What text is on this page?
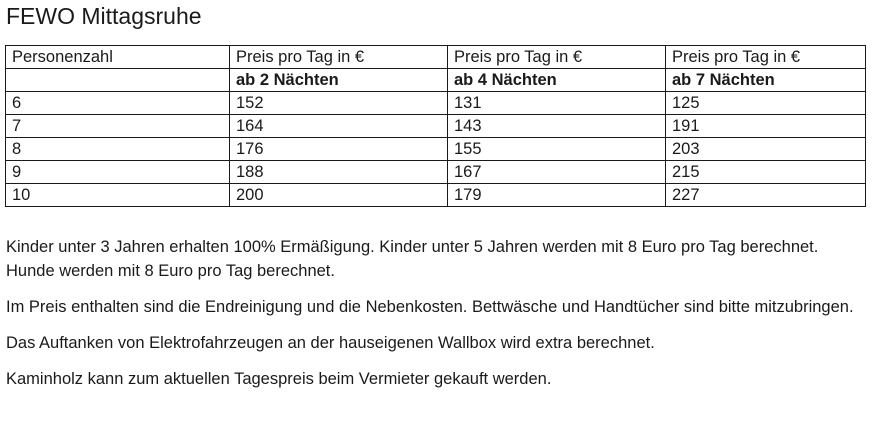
FEWO Mittagsruhe
Personenzahl	Preis pro Tag in €	Preis pro Tag in €	Preis pro Tag in €
	ab 2 Nächten	ab 4 Nächten	ab 7 Nächten
6	152	131	125
7	164	143	191
8	176	155	203
9	188	167	215
10	200	179	227

Kinder unter 3 Jahren erhalten 100% Ermäßigung. Kinder unter 5 Jahren werden mit 8 Euro pro Tag berechnet. Hunde werden mit 8 Euro pro Tag berechnet.

Im Preis enthalten sind die Endreinigung und die Nebenkosten. Bettwäsche und Handtücher sind bitte mitzubringen.

Das Auftanken von Elektrofahrzeugen an der hauseigenen Wallbox wird extra berechnet.

Kaminholz kann zum aktuellen Tagespreis beim Vermieter gekauft werden.
